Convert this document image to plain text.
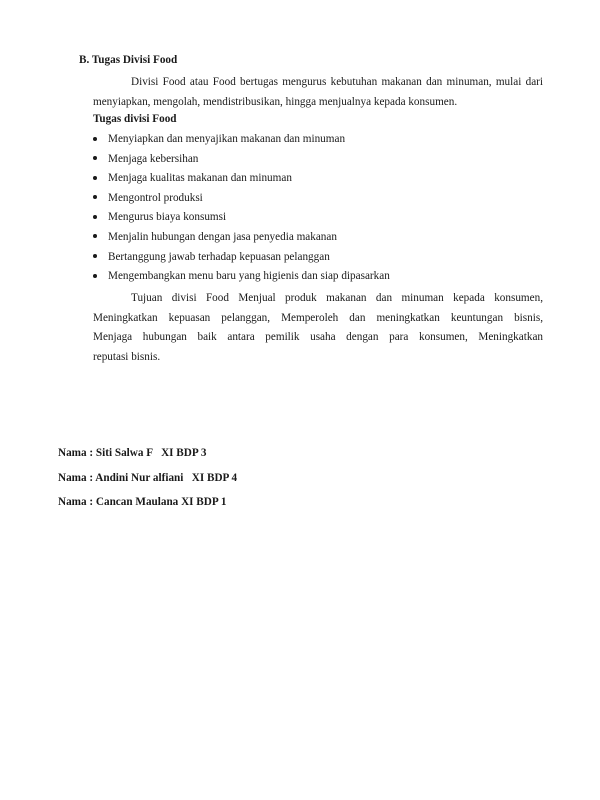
B. Tugas Divisi Food

Divisi Food atau Food bertugas mengurus kebutuhan makanan dan minuman, mulai dari menyiapkan, mengolah, mendistribusikan, hingga menjualnya kepada konsumen.

Tugas divisi Food
Menyiapkan dan menyajikan makanan dan minuman
Menjaga kebersihan
Menjaga kualitas makanan dan minuman
Mengontrol produksi
Mengurus biaya konsumsi
Menjalin hubungan dengan jasa penyedia makanan
Bertanggung jawab terhadap kepuasan pelanggan
Mengembangkan menu baru yang higienis dan siap dipasarkan
Tujuan divisi Food Menjual produk makanan dan minuman kepada konsumen,
Meningkatkan kepuasan pelanggan, Memperoleh dan meningkatkan keuntungan bisnis,
Menjaga hubungan baik antara pemilik usaha dengan para konsumen, Meningkatkan
reputasi bisnis.
Nama : Siti Salwa F   XI BDP 3
Nama : Andini Nur alfiani   XI BDP 4
Nama : Cancan Maulana XI BDP 1
